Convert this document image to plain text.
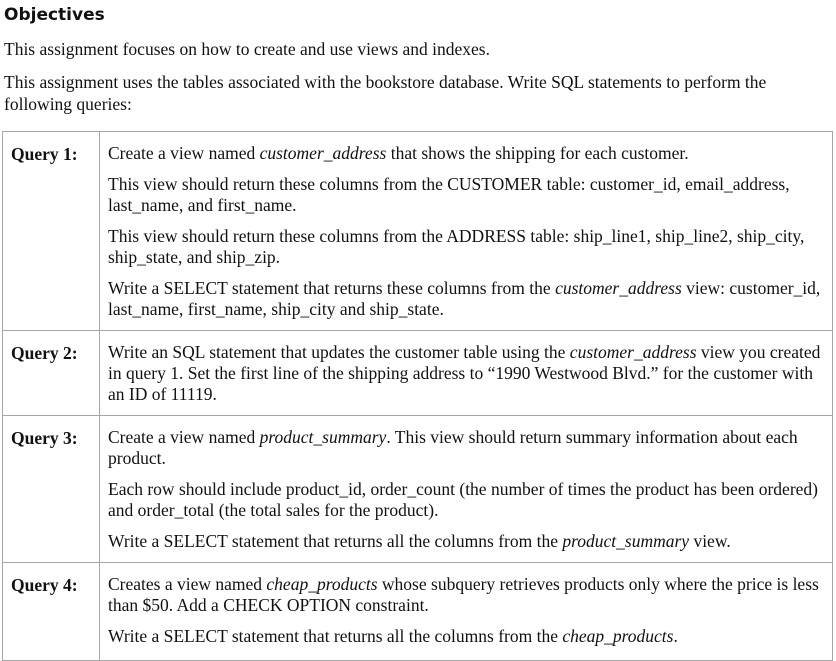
Objectives
This assignment focuses on how to create and use views and indexes.
This assignment uses the tables associated with the bookstore database. Write SQL statements to perform the following queries:
Query 1:	Create a view named customer_address that shows the shipping for each customer.

This view should return these columns from the CUSTOMER table: customer_id, email_address, last_name, and first_name.

This view should return these columns from the ADDRESS table: ship_line1, ship_line2, ship_city, ship_state, and ship_zip.

Write a SELECT statement that returns these columns from the customer_address view: customer_id, last_name, first_name, ship_city and ship_state.

Query 2:	Write an SQL statement that updates the customer table using the customer_address view you created in query 1. Set the first line of the shipping address to “1990 Westwood Blvd.” for the customer with an ID of 11119.

Query 3:	Create a view named product_summary. This view should return summary information about each product.

Each row should include product_id, order_count (the number of times the product has been ordered) and order_total (the total sales for the product).

Write a SELECT statement that returns all the columns from the product_summary view.

Query 4:	Creates a view named cheap_products whose subquery retrieves products only where the price is less than $50. Add a CHECK OPTION constraint.

Write a SELECT statement that returns all the columns from the cheap_products.
